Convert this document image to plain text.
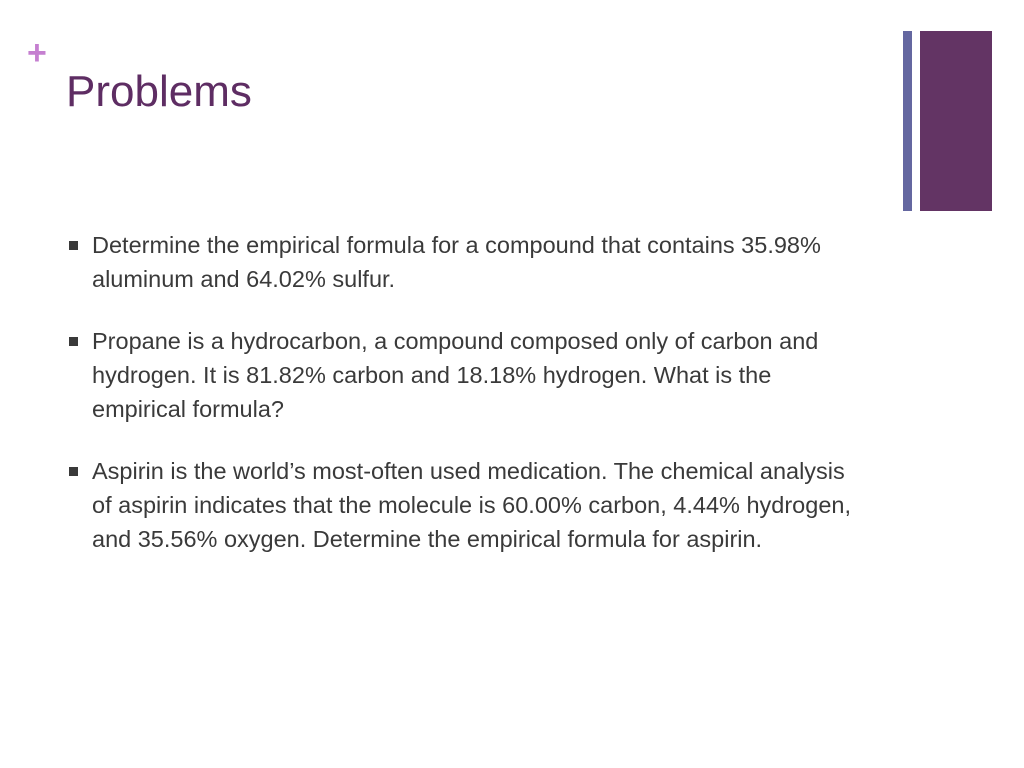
+
Problems
Determine the empirical formula for a compound that contains 35.98% aluminum and 64.02% sulfur.
Propane is a hydrocarbon, a compound composed only of carbon and hydrogen. It is 81.82% carbon and 18.18% hydrogen. What is the empirical formula?
Aspirin is the world’s most-often used medication. The chemical analysis of aspirin indicates that the molecule is 60.00% carbon, 4.44% hydrogen, and 35.56% oxygen. Determine the empirical formula for aspirin.
